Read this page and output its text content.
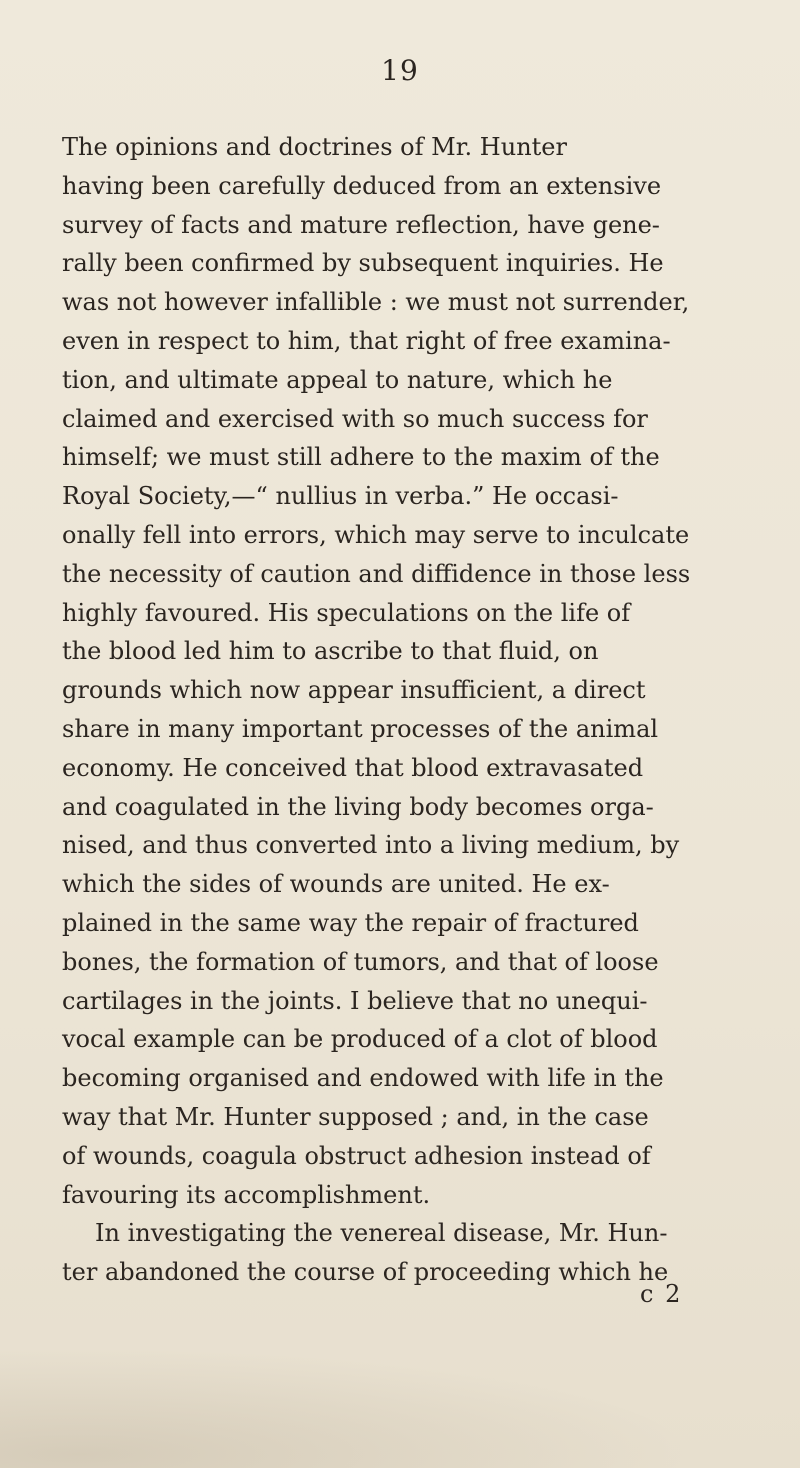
19
The opinions and doctrines of Mr. Hunter
having been carefully deduced from an extensive
survey of facts and mature reflection, have gene-
rally been confirmed by subsequent inquiries. He
was not however infallible : we must not surrender,
even in respect to him, that right of free examina-
tion, and ultimate appeal to nature, which he
claimed and exercised with so much success for
himself; we must still adhere to the maxim of the
Royal Society,—“ nullius in verba.” He occasi-
onally fell into errors, which may serve to inculcate
the necessity of caution and diffidence in those less
highly favoured. His speculations on the life of
the blood led him to ascribe to that fluid, on
grounds which now appear insufficient, a direct
share in many important processes of the animal
economy. He conceived that blood extravasated
and coagulated in the living body becomes orga-
nised, and thus converted into a living medium, by
which the sides of wounds are united. He ex-
plained in the same way the repair of fractured
bones, the formation of tumors, and that of loose
cartilages in the joints. I believe that no unequi-
vocal example can be produced of a clot of blood
becoming organised and endowed with life in the
way that Mr. Hunter supposed ; and, in the case
of wounds, coagula obstruct adhesion instead of
favouring its accomplishment.
In investigating the venereal disease, Mr. Hun-
ter abandoned the course of proceeding which he
c 2
